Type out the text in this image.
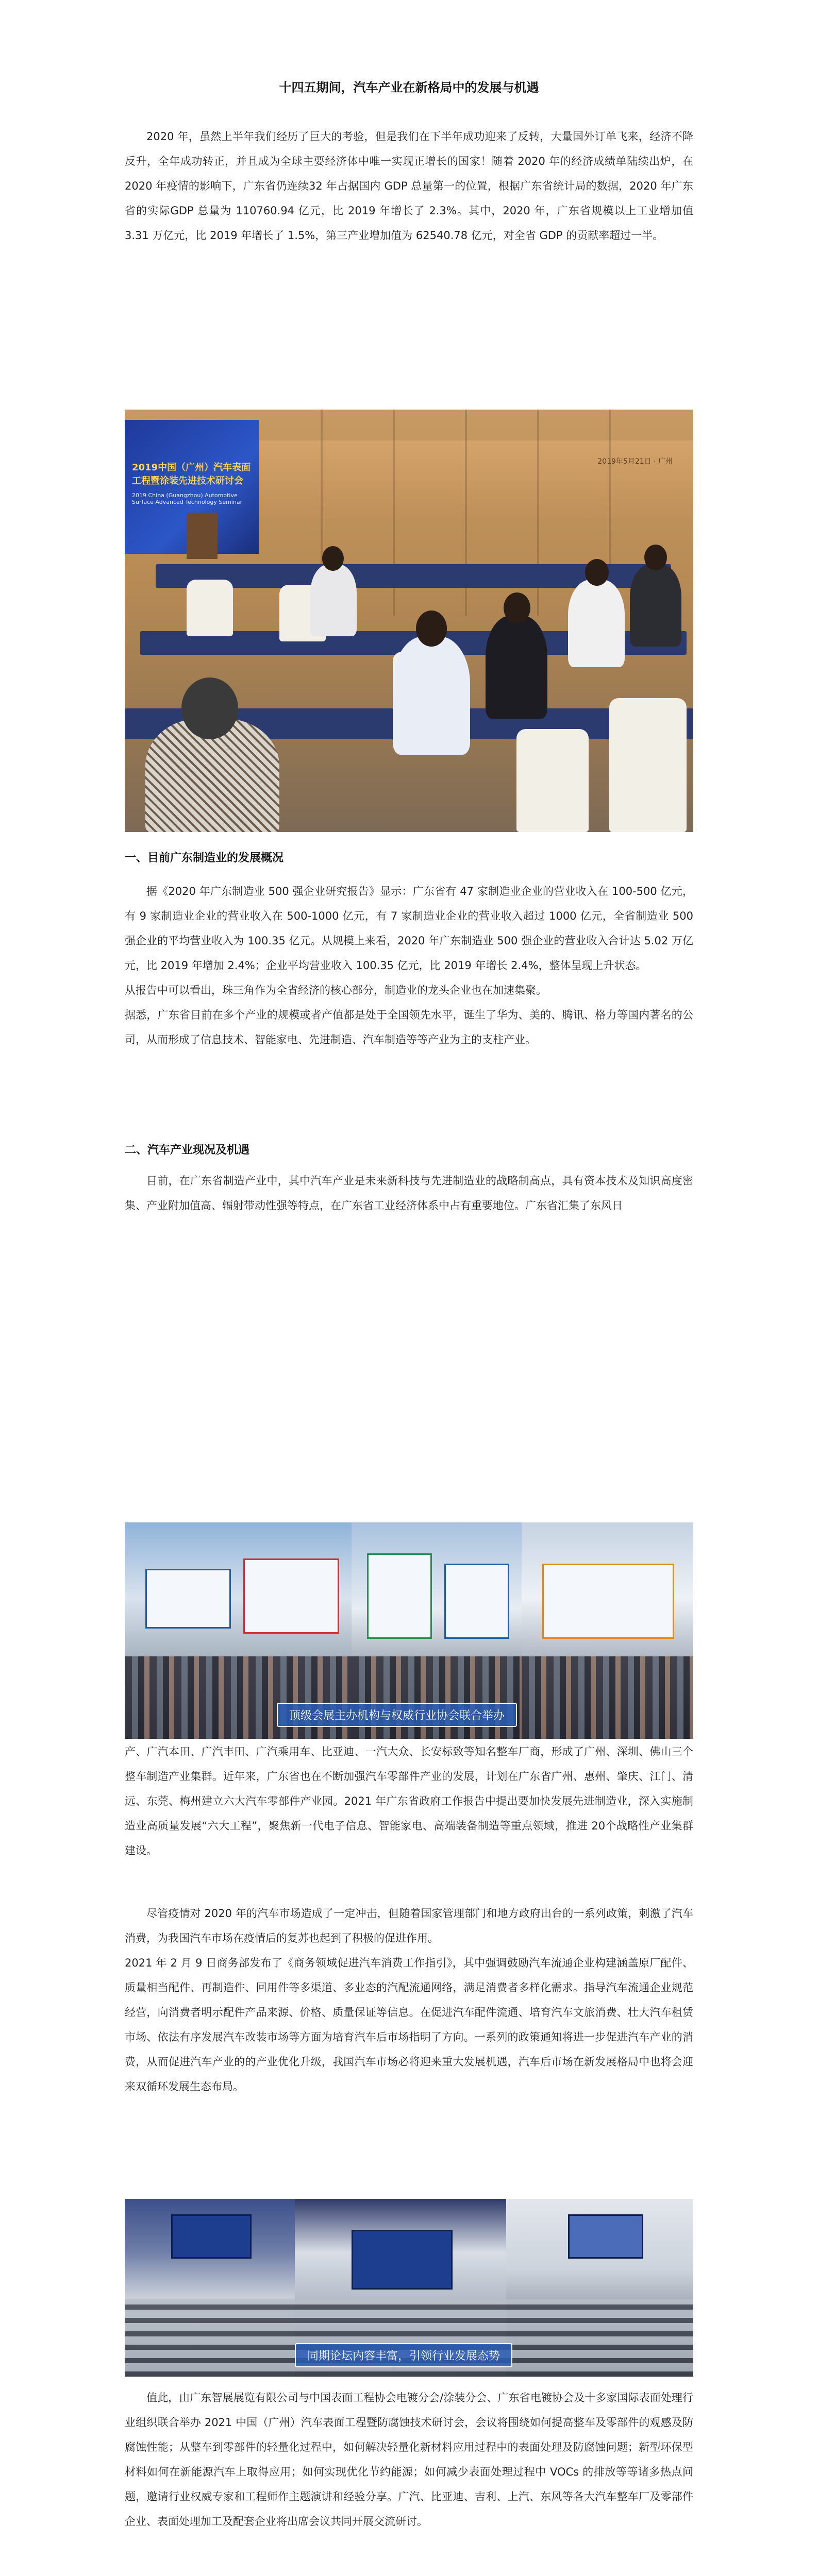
十四五期间，汽车产业在新格局中的发展与机遇

2020 年，虽然上半年我们经历了巨大的考验，但是我们在下半年成功迎来了反转，大量国外订单飞来，经济不降反升，全年成功转正，并且成为全球主要经济体中唯一实现正增长的国家！随着 2020 年的经济成绩单陆续出炉，在 2020 年疫情的影响下，广东省仍连续32 年占据国内 GDP 总量第一的位置，根据广东省统计局的数据，2020 年广东省的实际GDP 总量为 110760.94 亿元，比 2019 年增长了 2.3%。其中，2020 年，广东省规模以上工业增加值 3.31 万亿元，比 2019 年增长了 1.5%，第三产业增加值为 62540.78 亿元，对全省 GDP 的贡献率超过一半。

2019年5月21日 · 广州
2019中国（广州）汽车表面工程暨涂装先进技术研讨会
2019 China (Guangzhou) Automotive Surface Advanced Technology Seminar
一、目前广东制造业的发展概况

据《2020 年广东制造业 500 强企业研究报告》显示：广东省有 47 家制造业企业的营业收入在 100-500 亿元，有 9 家制造业企业的营业收入在 500-1000 亿元，有 7 家制造业企业的营业收入超过 1000 亿元，全省制造业 500 强企业的平均营业收入为 100.35 亿元。从规模上来看，2020 年广东制造业 500 强企业的营业收入合计达 5.02 万亿元，比 2019 年增加 2.4%；企业平均营业收入 100.35 亿元，比 2019 年增长 2.4%，整体呈现上升状态。

从报告中可以看出，珠三角作为全省经济的核心部分，制造业的龙头企业也在加速集聚。

据悉，广东省目前在多个产业的规模或者产值都是处于全国领先水平，诞生了华为、美的、腾讯、格力等国内著名的公司，从而形成了信息技术、智能家电、先进制造、汽车制造等等产业为主的支柱产业。

二、汽车产业现况及机遇

目前，在广东省制造产业中，其中汽车产业是未来新科技与先进制造业的战略制高点，具有资本技术及知识高度密集、产业附加值高、辐射带动性强等特点，在广东省工业经济体系中占有重要地位。广东省汇集了东风日

顶级会展主办机构与权威行业协会联合举办

产、广汽本田、广汽丰田、广汽乘用车、比亚迪、一汽大众、长安标致等知名整车厂商，形成了广州、深圳、佛山三个整车制造产业集群。近年来，广东省也在不断加强汽车零部件产业的发展，计划在广东省广州、惠州、肇庆、江门、清远、东莞、梅州建立六大汽车零部件产业园。2021 年广东省政府工作报告中提出要加快发展先进制造业，深入实施制造业高质量发展“六大工程”，聚焦新一代电子信息、智能家电、高端装备制造等重点领域，推进 20个战略性产业集群建设。

尽管疫情对 2020 年的汽车市场造成了一定冲击，但随着国家管理部门和地方政府出台的一系列政策，刺激了汽车消费，为我国汽车市场在疫情后的复苏也起到了积极的促进作用。

2021 年 2 月 9 日商务部发布了《商务领域促进汽车消费工作指引》，其中强调鼓励汽车流通企业构建涵盖原厂配件、质量相当配件、再制造件、回用件等多渠道、多业态的汽配流通网络，满足消费者多样化需求。指导汽车流通企业规范经营，向消费者明示配件产品来源、价格、质量保证等信息。在促进汽车配件流通、培育汽车文旅消费、壮大汽车租赁市场、依法有序发展汽车改装市场等方面为培育汽车后市场指明了方向。一系列的政策通知将进一步促进汽车产业的消费，从而促进汽车产业的的产业优化升级，我国汽车市场必将迎来重大发展机遇，汽车后市场在新发展格局中也将会迎来双循环发展生态布局。

同期论坛内容丰富，引领行业发展态势

值此，由广东智展展览有限公司与中国表面工程协会电镀分会/涂装分会、广东省电镀协会及十多家国际表面处理行业组织联合举办 2021 中国（广州）汽车表面工程暨防腐蚀技术研讨会，会议将围绕如何提高整车及零部件的观感及防腐蚀性能；从整车到零部件的轻量化过程中，如何解决轻量化新材料应用过程中的表面处理及防腐蚀问题；新型环保型材料如何在新能源汽车上取得应用；如何实现优化节约能源；如何减少表面处理过程中 VOCs 的排放等等诸多热点问题，邀请行业权威专家和工程师作主题演讲和经验分享。广汽、比亚迪、吉利、上汽、东风等各大汽车整车厂及零部件企业、表面处理加工及配套企业将出席会议共同开展交流研讨。
